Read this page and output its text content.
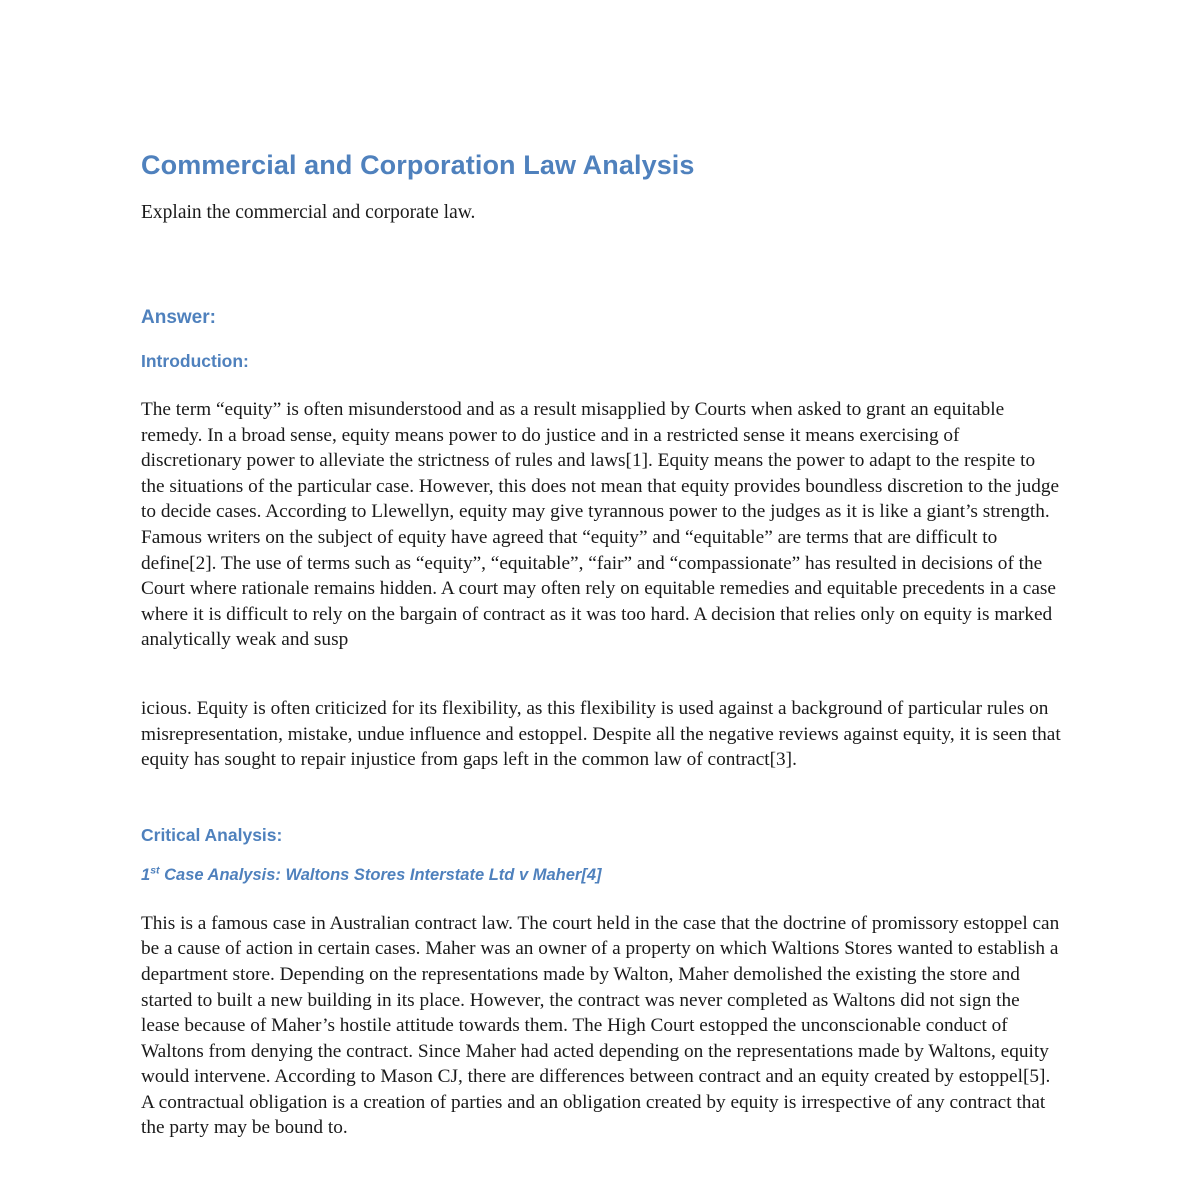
Commercial and Corporation Law Analysis

Explain the commercial and corporate law.

Answer:
Introduction:

The term “equity” is often misunderstood and as a result misapplied by Courts when asked to grant an equitable remedy. In a broad sense, equity means power to do justice and in a restricted sense it means exercising of discretionary power to alleviate the strictness of rules and laws[1]. Equity means the power to adapt to the respite to the situations of the particular case. However, this does not mean that equity provides boundless discretion to the judge to decide cases. According to Llewellyn, equity may give tyrannous power to the judges as it is like a giant’s strength. Famous writers on the subject of equity have agreed that “equity” and “equitable” are terms that are difficult to define[2]. The use of terms such as “equity”, “equitable”, “fair” and “compassionate” has resulted in decisions of the Court where rationale remains hidden. A court may often rely on equitable remedies and equitable precedents in a case where it is difficult to rely on the bargain of contract as it was too hard. A decision that relies only on equity is marked analytically weak and susp

icious. Equity is often criticized for its flexibility, as this flexibility is used against a background of particular rules on misrepresentation, mistake, undue influence and estoppel. Despite all the negative reviews against equity, it is seen that equity has sought to repair injustice from gaps left in the common law of contract[3].

Critical Analysis:
1st Case Analysis: Waltons Stores Interstate Ltd v Maher[4]

This is a famous case in Australian contract law. The court held in the case that the doctrine of promissory estoppel can be a cause of action in certain cases. Maher was an owner of a property on which Waltions Stores wanted to establish a department store. Depending on the representations made by Walton, Maher demolished the existing the store and started to built a new building in its place. However, the contract was never completed as Waltons did not sign the lease because of Maher’s hostile attitude towards them. The High Court estopped the unconscionable conduct of Waltons from denying the contract. Since Maher had acted depending on the representations made by Waltons, equity would intervene. According to Mason CJ, there are differences between contract and an equity created by estoppel[5]. A contractual obligation is a creation of parties and an obligation created by equity is irrespective of any contract that the party may be bound to.
